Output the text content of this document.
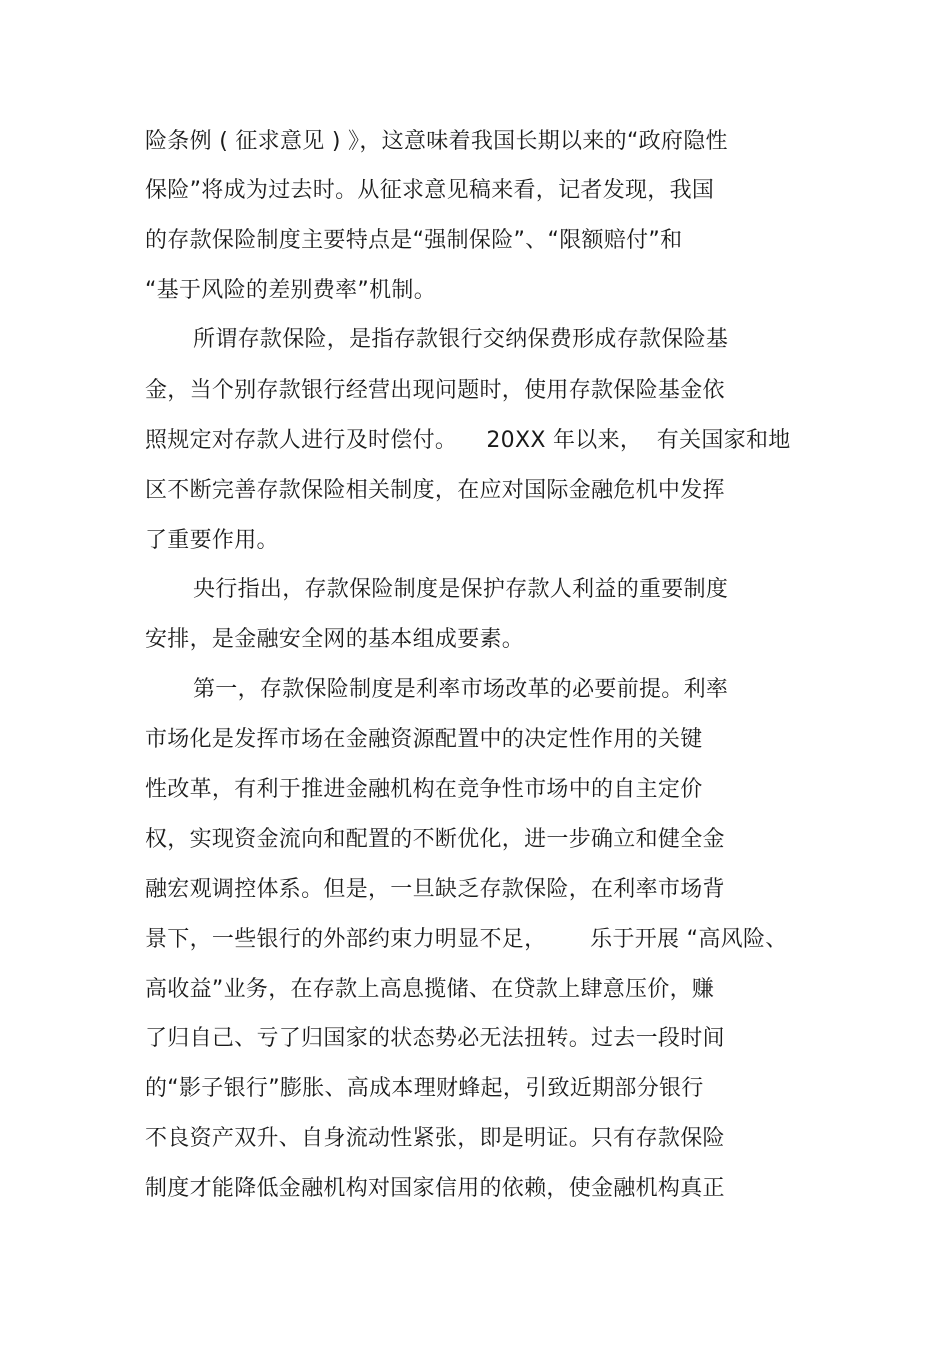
险条例 ( 征求意见 ) 》，这意味着我国长期以来的“政府隐性
保险”将成为过去时。从征求意见稿来看，记者发现，我国
的存款保险制度主要特点是“强制保险”、“限额赔付”和
“基于风险的差别费率”机制。
所谓存款保险，是指存款银行交纳保费形成存款保险基
金，当个别存款银行经营出现问题时，使用存款保险基金依
照规定对存款人进行及时偿付。    20XX 年以来，  有关国家和地
区不断完善存款保险相关制度，在应对国际金融危机中发挥
了重要作用。
央行指出，存款保险制度是保护存款人利益的重要制度
安排，是金融安全网的基本组成要素。
第一，存款保险制度是利率市场改革的必要前提。利率
市场化是发挥市场在金融资源配置中的决定性作用的关键
性改革，有利于推进金融机构在竞争性市场中的自主定价
权，实现资金流向和配置的不断优化，进一步确立和健全金
融宏观调控体系。但是，一旦缺乏存款保险，在利率市场背
景下，一些银行的外部约束力明显不足，      乐于开展 “高风险、
高收益”业务，在存款上高息揽储、在贷款上肆意压价，赚
了归自己、亏了归国家的状态势必无法扭转。过去一段时间
的“影子银行”膨胀、高成本理财蜂起，引致近期部分银行
不良资产双升、自身流动性紧张，即是明证。只有存款保险
制度才能降低金融机构对国家信用的依赖，使金融机构真正
